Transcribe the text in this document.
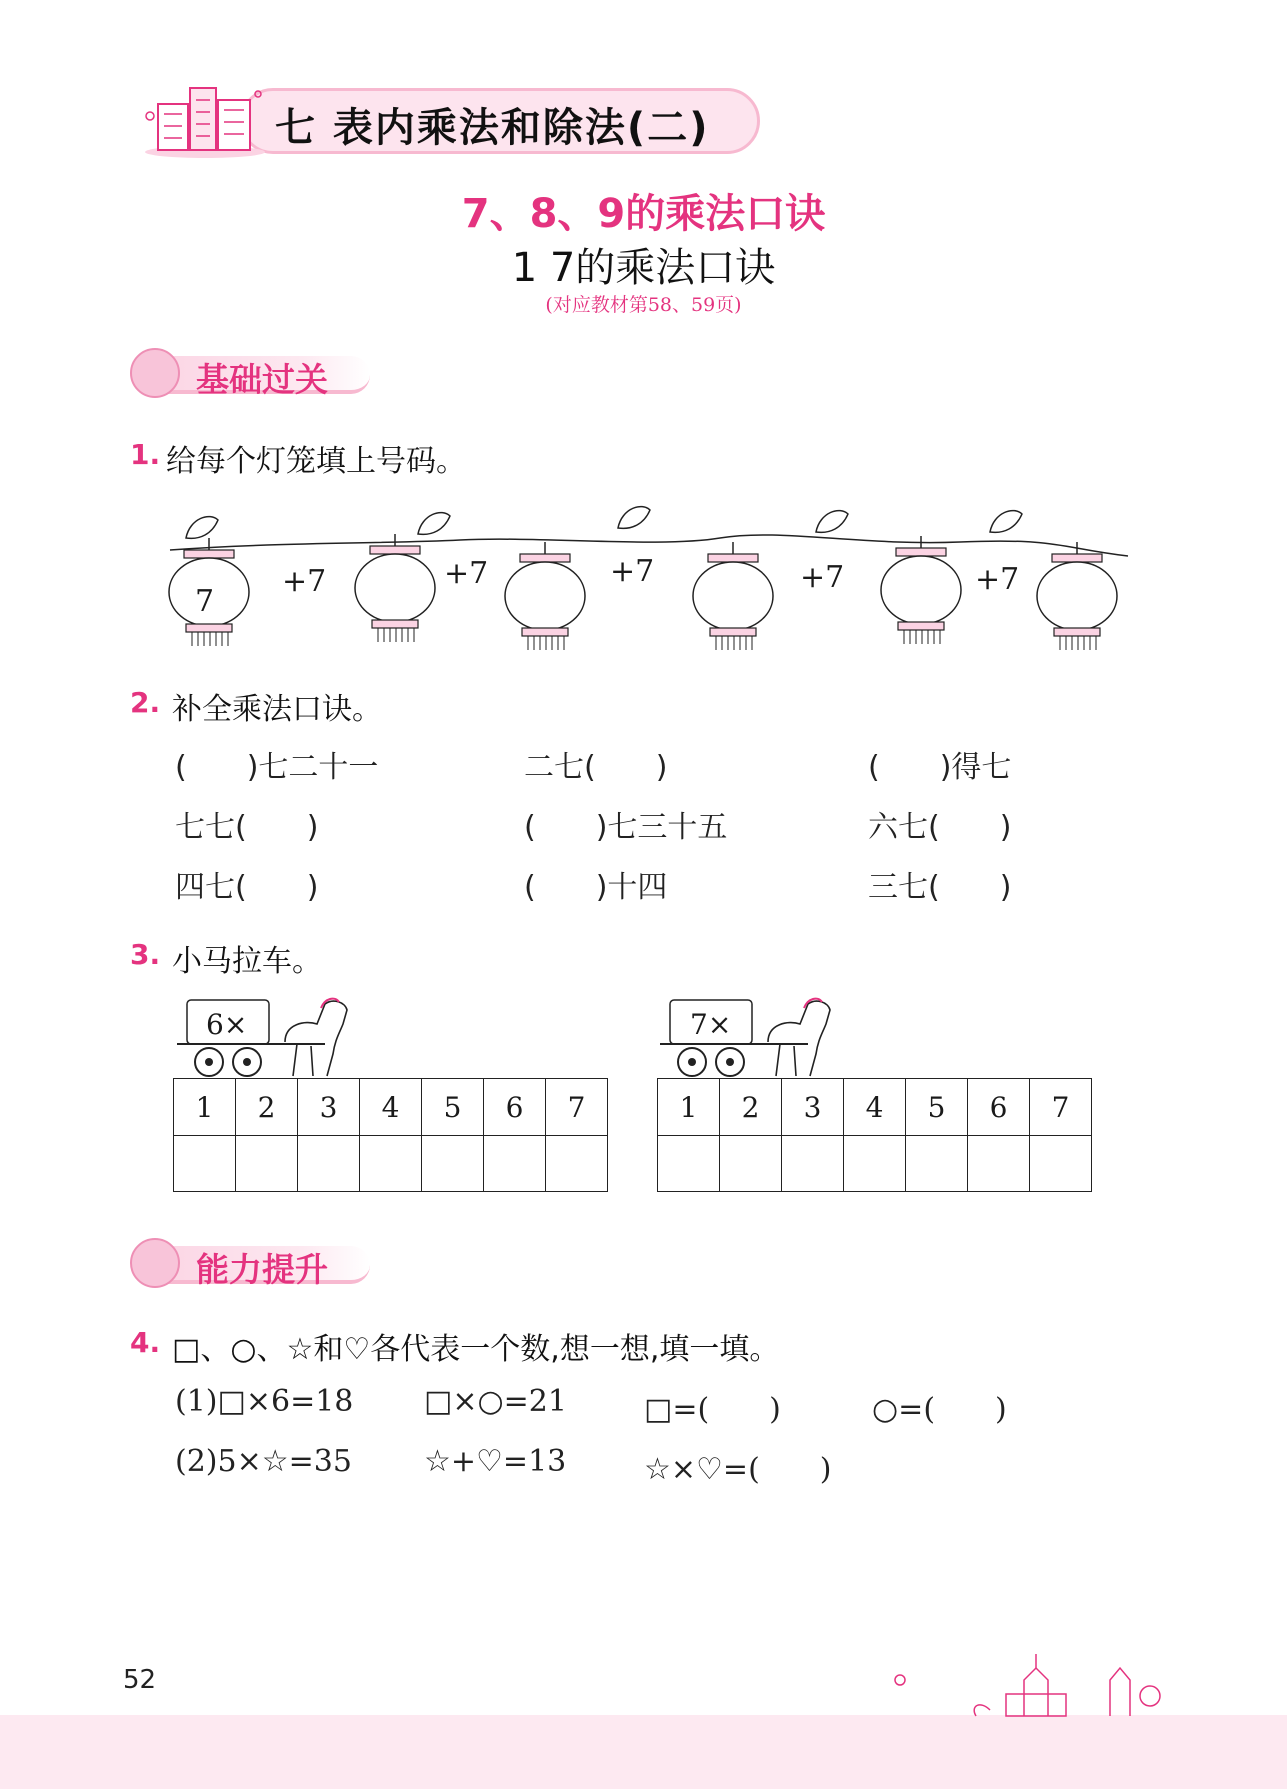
七 表内乘法和除法(二)
7、8、9的乘法口诀
1 7的乘法口诀
(对应教材第58、59页)
基础过关
1. 给每个灯笼填上号码。
7
+7	+7	+7	+7	+7
2. 补全乘法口诀。
(　　)七二十一	二七(　　)	(　　)得七
七七(　　)	(　　)七三十五	六七(　　)
四七(　　)	(　　)十四	三七(　　)
3. 小马拉车。
6×
1	2	3	4	5	6	7

7×
1	2	3	4	5	6	7

能力提升
4. □、○、☆和♡各代表一个数,想一想,填一填。
(1)□×6=18 □×○=21	□=(　　)	○=(　　)
(2)5×☆=35 ☆+♡=13	☆×♡=(　　)
52
